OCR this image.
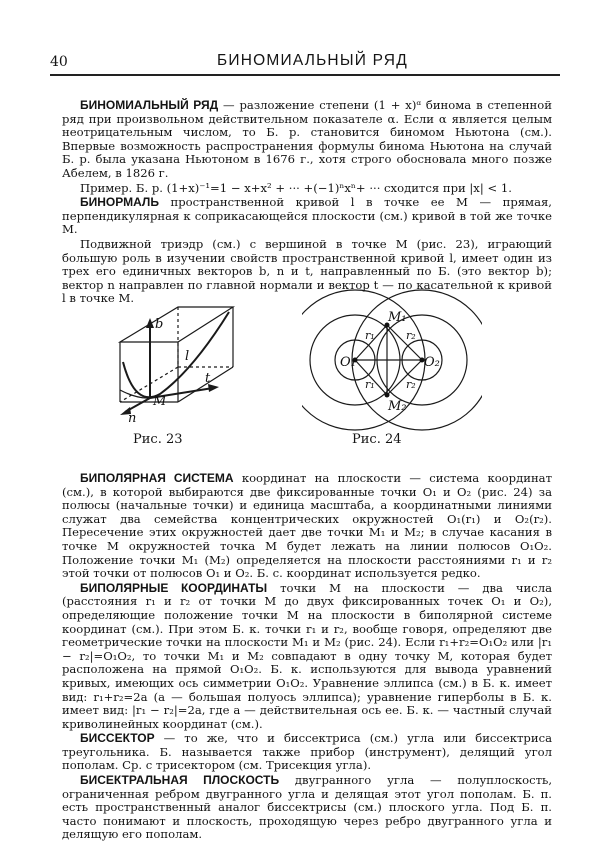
40	БИНОМИАЛЬНЫЙ РЯД

БИНОМИАЛЬНЫЙ РЯД — разложение степени (1 + x)ᵅ бинома в степенной ряд при произвольном действительном показателе α. Если α является целым неотрицательным числом, то Б. р. становится биномом Ньютона (см.). Впервые возможность распространения формулы бинома Ньютона на случай Б. р. была указана Ньютоном в 1676 г., хотя строго обосновала много позже Абелем, в 1826 г.

Пример. Б. р. (1+x)⁻¹=1 − x+x² + ··· +(−1)ⁿxⁿ+ ··· сходится при |x| < 1.

БИНОРМАЛЬ пространственной кривой l в точке ее M — прямая, перпендикулярная к соприкасающейся плоскости (см.) кривой в той же точке M.

Подвижной триэдр (см.) с вершиной в точке M (рис. 23), играющий большую роль в изучении свойств пространственной кривой l, имеет один из трех его единичных векторов b, n и t, направленный по Б. (это вектор b); вектор n направлен по главной нормали и вектор t — по касательной к кривой l в точке M.

b
l
t
M
n
Рис. 23
O₁	O₂
M₁
M₂
r₁
r₁
r₂
r₂
Рис. 24

БИПОЛЯРНАЯ СИСТЕМА координат на плоскости — система координат (см.), в которой выбираются две фиксированные точки O₁ и O₂ (рис. 24) за полюсы (начальные точки) и единица масштаба, а координатными линиями служат два семейства концентрических окружностей O₁(r₁) и O₂(r₂). Пересечение этих окружностей дает две точки M₁ и M₂; в случае касания в точке M окружностей точка M будет лежать на линии полюсов O₁O₂. Положение точки M₁ (M₂) определяется на плоскости расстояниями r₁ и r₂ этой точки от полюсов O₁ и O₂. Б. с. координат используется редко.

БИПОЛЯРНЫЕ КООРДИНАТЫ точки M на плоскости — два числа (расстояния r₁ и r₂ от точки M до двух фиксированных точек O₁ и O₂), определяющие положение точки M на плоскости в биполярной системе координат (см.). При этом Б. к. точки r₁ и r₂, вообще говоря, определяют две геометрические точки на плоскости M₁ и M₂ (рис. 24). Если r₁+r₂=O₁O₂ или |r₁ − r₂|=O₁O₂, то точки M₁ и M₂ совпадают в одну точку M, которая будет расположена на прямой O₁O₂. Б. к. используются для вывода уравнений кривых, имеющих ось симметрии O₁O₂. Уравнение эллипса (см.) в Б. к. имеет вид: r₁+r₂=2a (a — большая полуось эллипса); уравнение гиперболы в Б. к. имеет вид: |r₁ − r₂|=2a, где a — действительная ось ее. Б. к. — частный случай криволинейных координат (см.).

БИССЕКТОР — то же, что и биссектриса (см.) угла или биссектриса треугольника. Б. называется также прибор (инструмент), делящий угол пополам. Ср. с трисектором (см. Трисекция угла).

БИСЕКТРАЛЬНАЯ ПЛОСКОСТЬ двугранного угла — полуплоскость, ограниченная ребром двугранного угла и делящая этот угол пополам. Б. п. есть пространственный аналог биссектрисы (см.) плоского угла. Под Б. п. часто понимают и плоскость, проходящую через ребро двугранного угла и делящую его пополам.
